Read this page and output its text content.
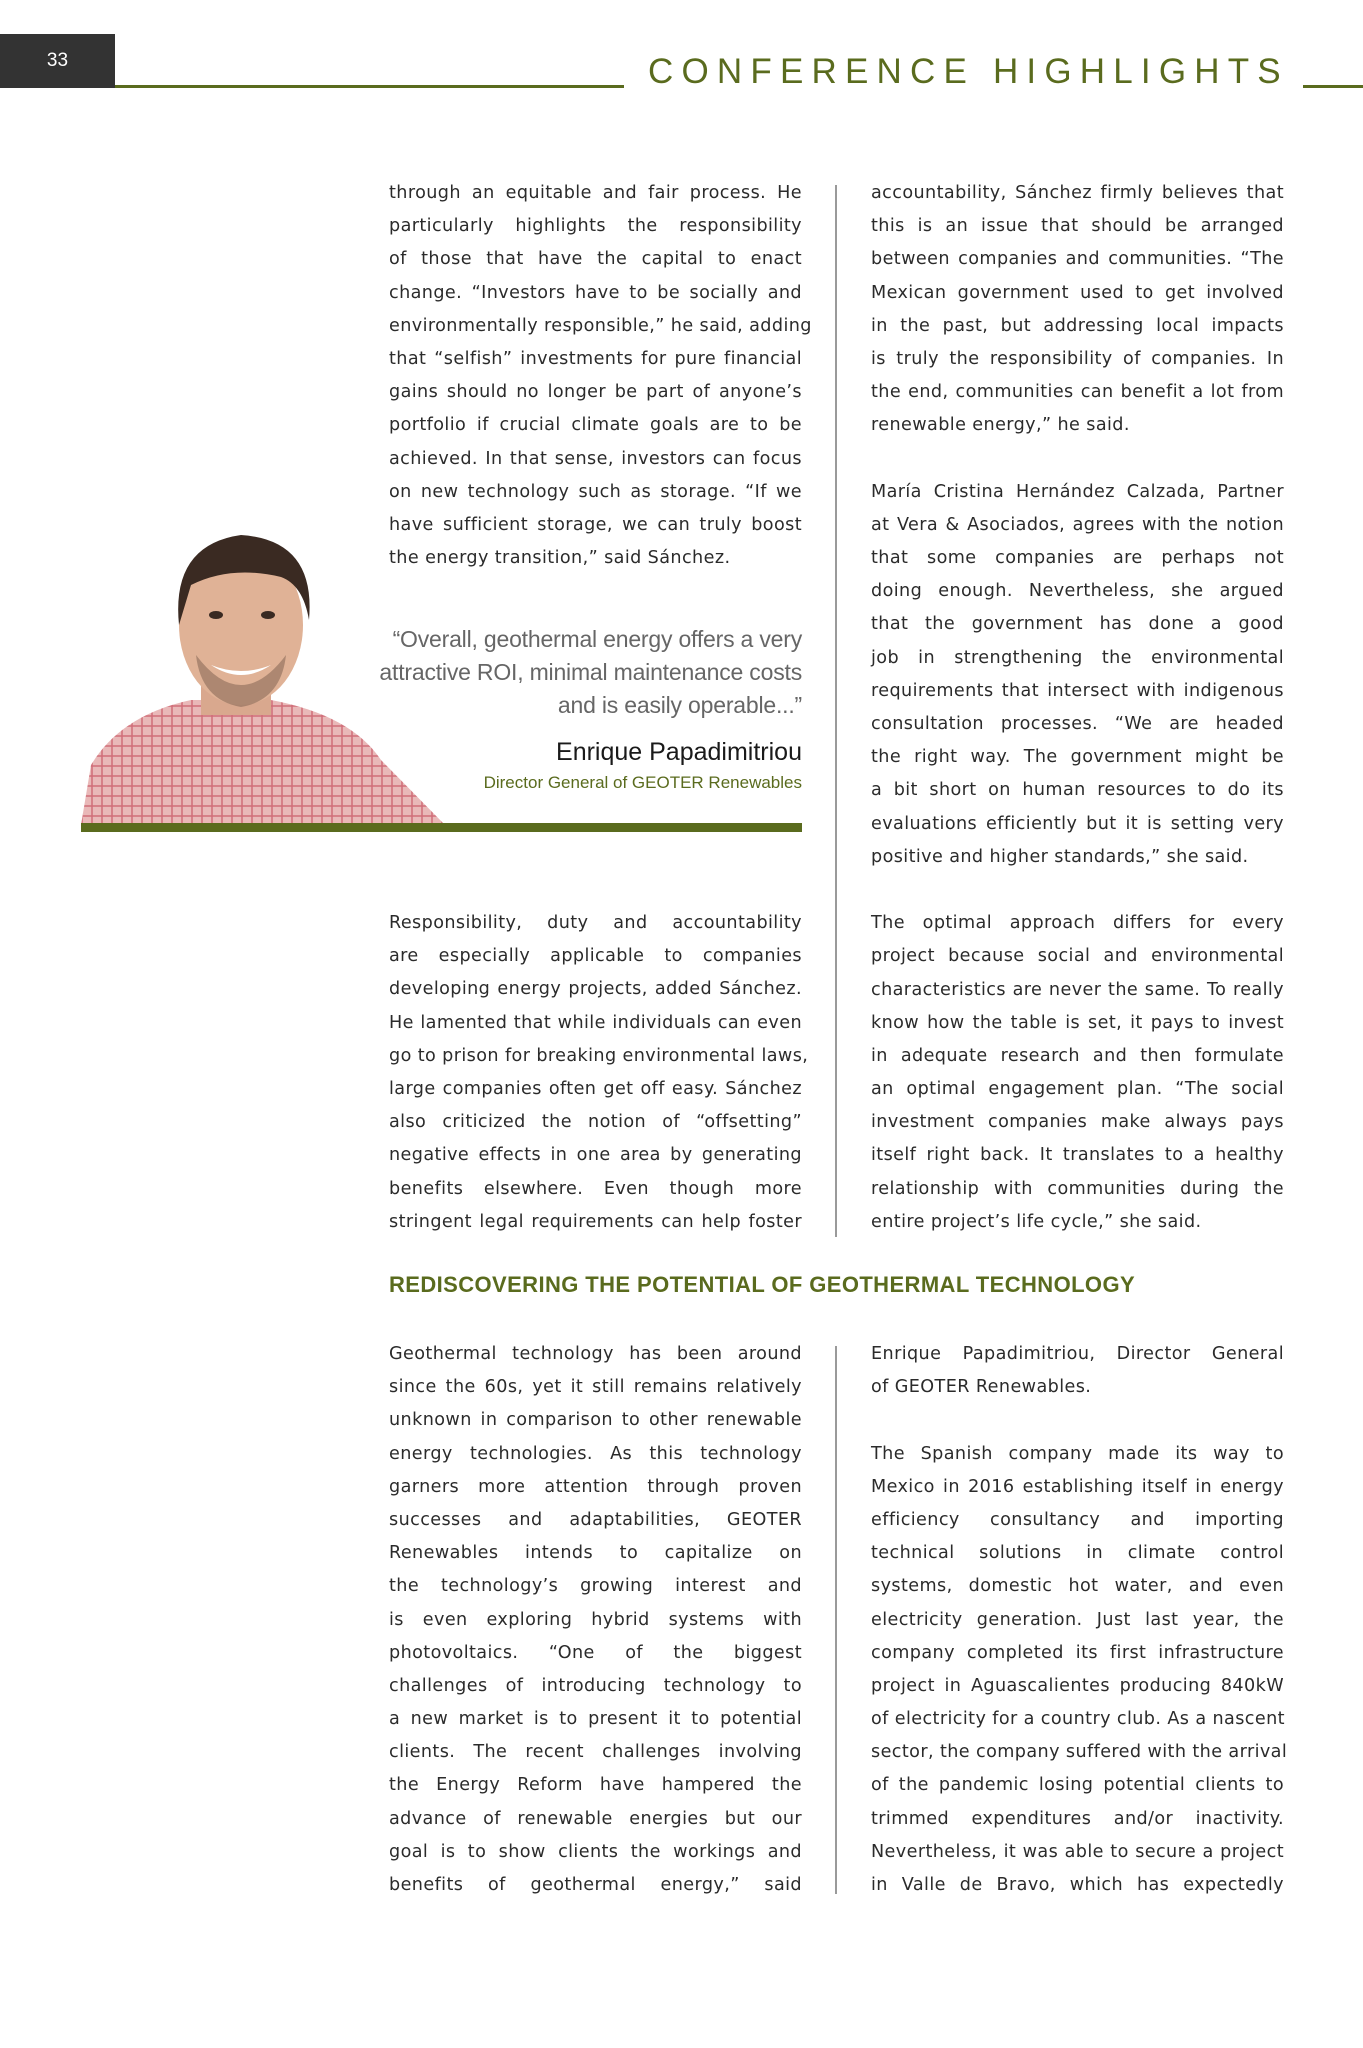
33	CONFERENCE HIGHLIGHTS
through an equitable and fair process. He
particularly highlights the responsibility
of those that have the capital to enact
change. “Investors have to be socially and
environmentally responsible,” he said, adding
that “selfish” investments for pure financial
gains should no longer be part of anyone’s
portfolio if crucial climate goals are to be
achieved. In that sense, investors can focus
on new technology such as storage. “If we
have sufficient storage, we can truly boost
the energy transition,” said Sánchez.
“Overall, geothermal energy offers a very
attractive ROI, minimal maintenance costs
and is easily operable...”
Enrique Papadimitriou
Director General of GEOTER Renewables
Responsibility, duty and accountability
are especially applicable to companies
developing energy projects, added Sánchez.
He lamented that while individuals can even
go to prison for breaking environmental laws,
large companies often get off easy. Sánchez
also criticized the notion of “offsetting”
negative effects in one area by generating
benefits elsewhere. Even though more
stringent legal requirements can help foster
accountability, Sánchez firmly believes that
this is an issue that should be arranged
between companies and communities. “The
Mexican government used to get involved
in the past, but addressing local impacts
is truly the responsibility of companies. In
the end, communities can benefit a lot from
renewable energy,” he said.
María Cristina Hernández Calzada, Partner
at Vera & Asociados, agrees with the notion
that some companies are perhaps not
doing enough. Nevertheless, she argued
that the government has done a good
job in strengthening the environmental
requirements that intersect with indigenous
consultation processes. “We are headed
the right way. The government might be
a bit short on human resources to do its
evaluations efficiently but it is setting very
positive and higher standards,” she said.
The optimal approach differs for every
project because social and environmental
characteristics are never the same. To really
know how the table is set, it pays to invest
in adequate research and then formulate
an optimal engagement plan. “The social
investment companies make always pays
itself right back. It translates to a healthy
relationship with communities during the
entire project’s life cycle,” she said.
REDISCOVERING THE POTENTIAL OF GEOTHERMAL TECHNOLOGY
Geothermal technology has been around
since the 60s, yet it still remains relatively
unknown in comparison to other renewable
energy technologies. As this technology
garners more attention through proven
successes and adaptabilities, GEOTER
Renewables intends to capitalize on
the technology’s growing interest and
is even exploring hybrid systems with
photovoltaics. “One of the biggest
challenges of introducing technology to
a new market is to present it to potential
clients. The recent challenges involving
the Energy Reform have hampered the
advance of renewable energies but our
goal is to show clients the workings and
benefits of geothermal energy,” said
Enrique Papadimitriou, Director General
of GEOTER Renewables.
The Spanish company made its way to
Mexico in 2016 establishing itself in energy
efficiency consultancy and importing
technical solutions in climate control
systems, domestic hot water, and even
electricity generation. Just last year, the
company completed its first infrastructure
project in Aguascalientes producing 840kW
of electricity for a country club. As a nascent
sector, the company suffered with the arrival
of the pandemic losing potential clients to
trimmed expenditures and/or inactivity.
Nevertheless, it was able to secure a project
in Valle de Bravo, which has expectedly
